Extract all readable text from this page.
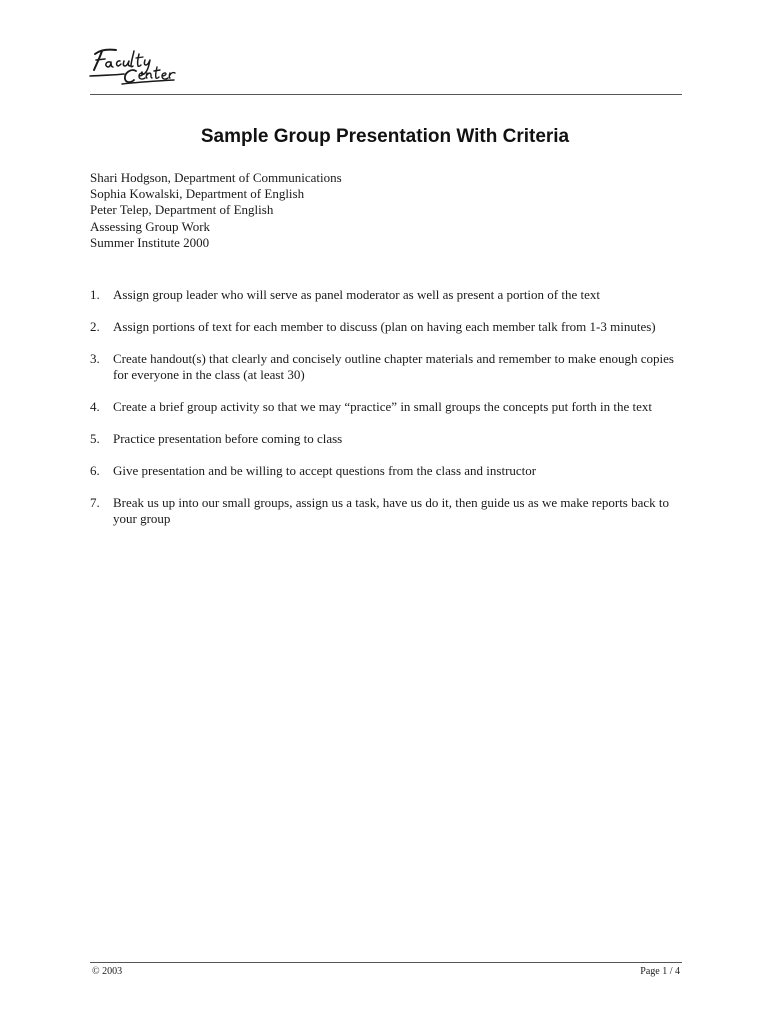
Sample Group Presentation With Criteria
Shari Hodgson, Department of Communications
Sophia Kowalski, Department of English
Peter Telep, Department of English
Assessing Group Work
Summer Institute 2000
1. Assign group leader who will serve as panel moderator as well as present a portion of the text
2. Assign portions of text for each member to discuss (plan on having each member talk from 1-3 minutes)
3. Create handout(s) that clearly and concisely outline chapter materials and remember to make enough copies for everyone in the class (at least 30)
4. Create a brief group activity so that we may “practice” in small groups the concepts put forth in the text
5. Practice presentation before coming to class
6. Give presentation and be willing to accept questions from the class and instructor
7. Break us up into our small groups, assign us a task, have us do it, then guide us as we make reports back to your group
© 2003	Page 1 / 4
